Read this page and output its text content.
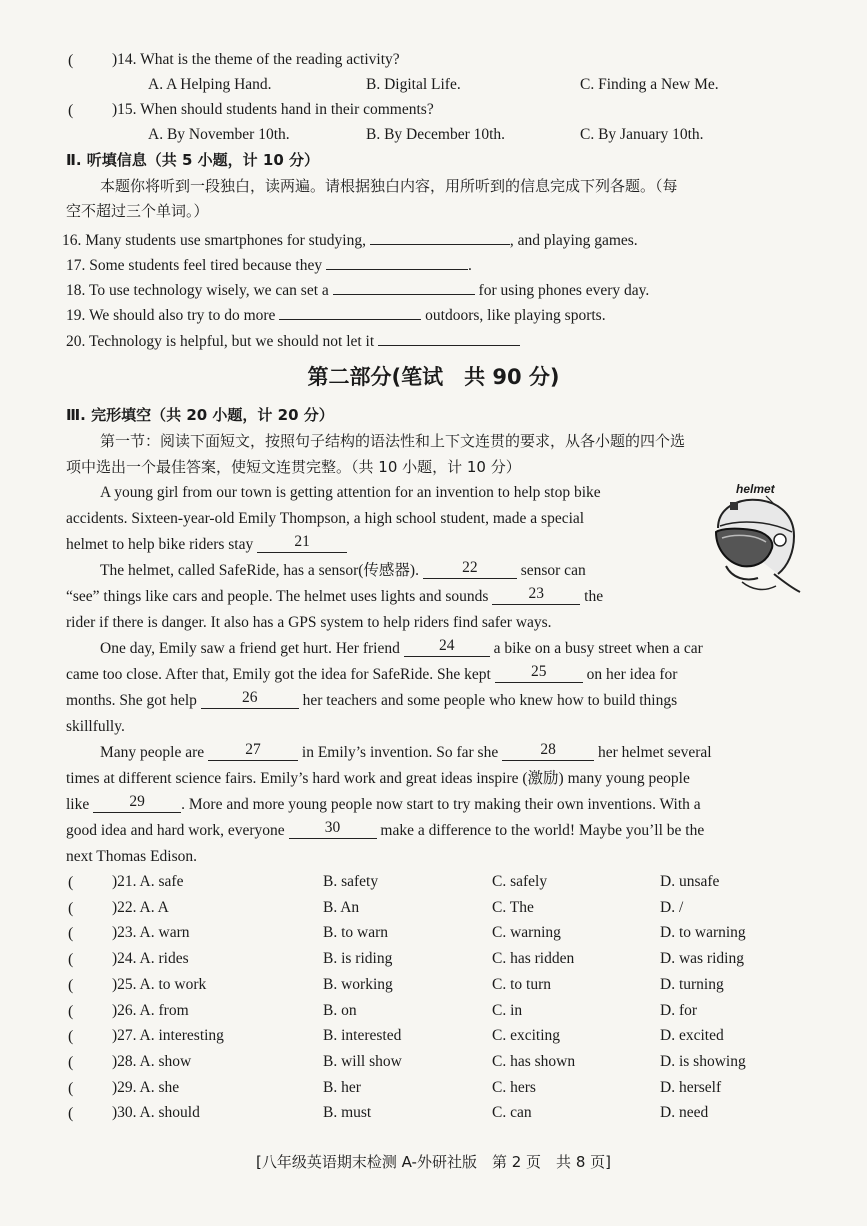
( )14. What is the theme of the reading activity?
A. A Helping Hand.	B. Digital Life.	C. Finding a New Me.
( )15. When should students hand in their comments?
A. By November 10th.	B. By December 10th.	C. By January 10th.
Ⅱ. 听填信息（共 5 小题，计 10 分）
本题你将听到一段独白，读两遍。请根据独白内容，用所听到的信息完成下列各题。（每
空不超过三个单词。）
16. Many students use smartphones for studying,	, and playing games.
17. Some students feel tired because they	.
18. To use technology wisely, we can set a	for using phones every day.
19. We should also try to do more	outdoors, like playing sports.
20. Technology is helpful, but we should not let it
第二部分(笔试　共 90 分)
Ⅲ. 完形填空（共 20 小题，计 20 分）
第一节：阅读下面短文，按照句子结构的语法性和上下文连贯的要求，从各小题的四个选
项中选出一个最佳答案，使短文连贯完整。（共 10 小题，计 10 分）
helmet
A young girl from our town is getting attention for an invention to help stop bike
accidents. Sixteen-year-old Emily Thompson, a high school student, made a special
helmet to help bike riders stay	21
The helmet, called SafeRide, has a sensor(传感器).	22	sensor can
“see” things like cars and people. The helmet uses lights and sounds	23	the
rider if there is danger. It also has a GPS system to help riders find safer ways.
One day, Emily saw a friend get hurt. Her friend	24	a bike on a busy street when a car
came too close. After that, Emily got the idea for SafeRide. She kept	25	on her idea for
months. She got help	26	her teachers and some people who knew how to build things
skillfully.
Many people are	27	in Emily’s invention. So far she	28	her helmet several
times at different science fairs. Emily’s hard work and great ideas inspire (激励) many young people
like	29 . More and more young people now start to try making their own inventions. With a
good idea and hard work, everyone	30	make a difference to the world! Maybe you’ll be the
next Thomas Edison.
( )21. A. safe	B. safety	C. safely	D. unsafe
( )22. A. A	B. An	C. The	D. /
( )23. A. warn	B. to warn	C. warning	D. to warning
( )24. A. rides	B. is riding	C. has ridden	D. was riding
( )25. A. to work	B. working	C. to turn	D. turning
( )26. A. from	B. on	C. in	D. for
( )27. A. interesting	B. interested	C. exciting	D. excited
( )28. A. show	B. will show	C. has shown	D. is showing
( )29. A. she	B. her	C. hers	D. herself
( )30. A. should	B. must	C. can	D. need
[八年级英语期末检测 A-外研社版　第 2 页　共 8 页]
